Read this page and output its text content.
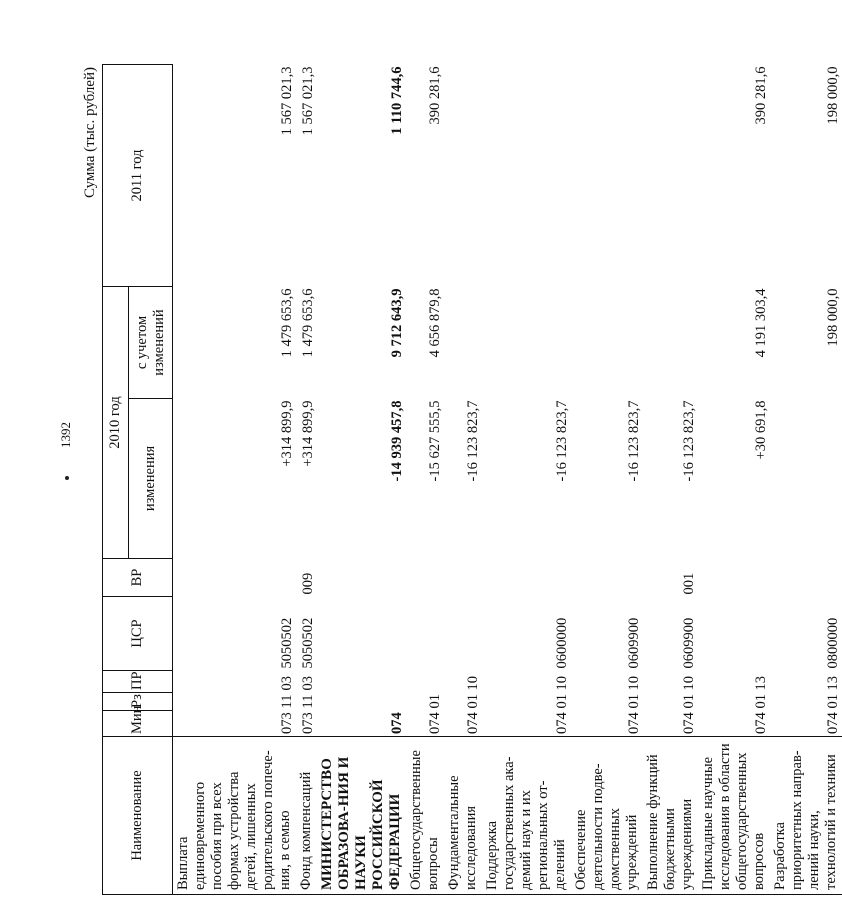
1392
Сумма (тыс. рублей)
Наименование	Мин	Рз	ПР	ЦСР	ВР	2010 год		2011 год
						изменения	с учетом изменений	
Выплата единовременного пособия при всех формах устройства детей, лишенных родительского попече-ния, в семью	073	11	03	5050502		+314 899,9	1 479 653,6	1 567 021,3
Фонд компенсаций	073	11	03	5050502	009	+314 899,9	1 479 653,6	1 567 021,3
МИНИСТЕРСТВО ОБРАЗОВА-НИЯ И НАУКИ РОССИЙСКОЙ ФЕДЕРАЦИИ	074					-14 939 457,8	9 712 643,9	1 110 744,6
Общегосударственные вопросы	074	01				-15 627 555,5	4 656 879,8	390 281,6
Фундаментальные исследования	074	01	10			-16 123 823,7		
Поддержка государственных ака-демий наук и их региональных от-делений	074	01	10	0600000		-16 123 823,7		
Обеспечение деятельности подве-домственных учреждений	074	01	10	0609900		-16 123 823,7		
Выполнение функций бюджетными учреждениями	074	01	10	0609900	001	-16 123 823,7		
Прикладные научные исследования в области общегосударственных вопросов	074	01	13			+30 691,8	4 191 303,4	390 281,6
Разработка приоритетных направ-лений науки, технологий и техники	074	01	13	0800000			198 000,0	198 000,0
